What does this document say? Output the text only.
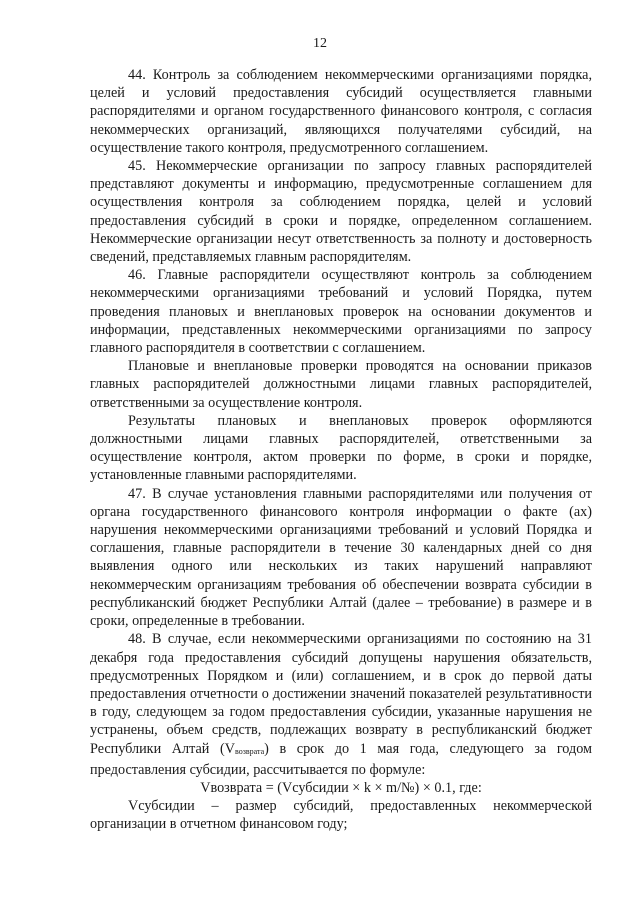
12

44. Контроль за соблюдением некоммерческими организациями порядка, целей и условий предоставления субсидий осуществляется главными распорядителями и органом государственного финансового контроля, с согласия некоммерческих организаций, являющихся получателями субсидий, на осуществление такого контроля, предусмотренного соглашением.

45. Некоммерческие организации по запросу главных распорядителей представляют документы и информацию, предусмотренные соглашением для осуществления контроля за соблюдением порядка, целей и условий предоставления субсидий в сроки и порядке, определенном соглашением. Некоммерческие организации несут ответственность за полноту и достоверность сведений, представляемых главным распорядителям.

46. Главные распорядители осуществляют контроль за соблюдением некоммерческими организациями требований и условий Порядка, путем проведения плановых и внеплановых проверок на основании документов и информации, представленных некоммерческими организациями по запросу главного распорядителя в соответствии с соглашением.

Плановые и внеплановые проверки проводятся на основании приказов главных распорядителей должностными лицами главных распорядителей, ответственными за осуществление контроля.

Результаты плановых и внеплановых проверок оформляются должностными лицами главных распорядителей, ответственными за осуществление контроля, актом проверки по форме, в сроки и порядке, установленные главными распорядителями.

47. В случае установления главными распорядителями или получения от органа государственного финансового контроля информации о факте (ах) нарушения некоммерческими организациями требований и условий Порядка и соглашения, главные распорядители в течение 30 календарных дней со дня выявления одного или нескольких из таких нарушений направляют некоммерческим организациям требования об обеспечении возврата субсидии в республиканский бюджет Республики Алтай (далее – требование) в размере и в сроки, определенные в требовании.

48. В случае, если некоммерческими организациями по состоянию на 31 декабря года предоставления субсидий допущены нарушения обязательств, предусмотренных Порядком и (или) соглашением, и в срок до первой даты предоставления отчетности о достижении значений показателей результативности в году, следующем за годом предоставления субсидии, указанные нарушения не устранены, объем средств, подлежащих возврату в республиканский бюджет Республики Алтай (Vвозврата) в срок до 1 мая года, следующего за годом предоставления субсидии, рассчитывается по формуле:

Vвозврата = (Vсубсидии × k × m/№) × 0.1, где:

Vсубсидии – размер субсидий, предоставленных некоммерческой организации в отчетном финансовом году;
